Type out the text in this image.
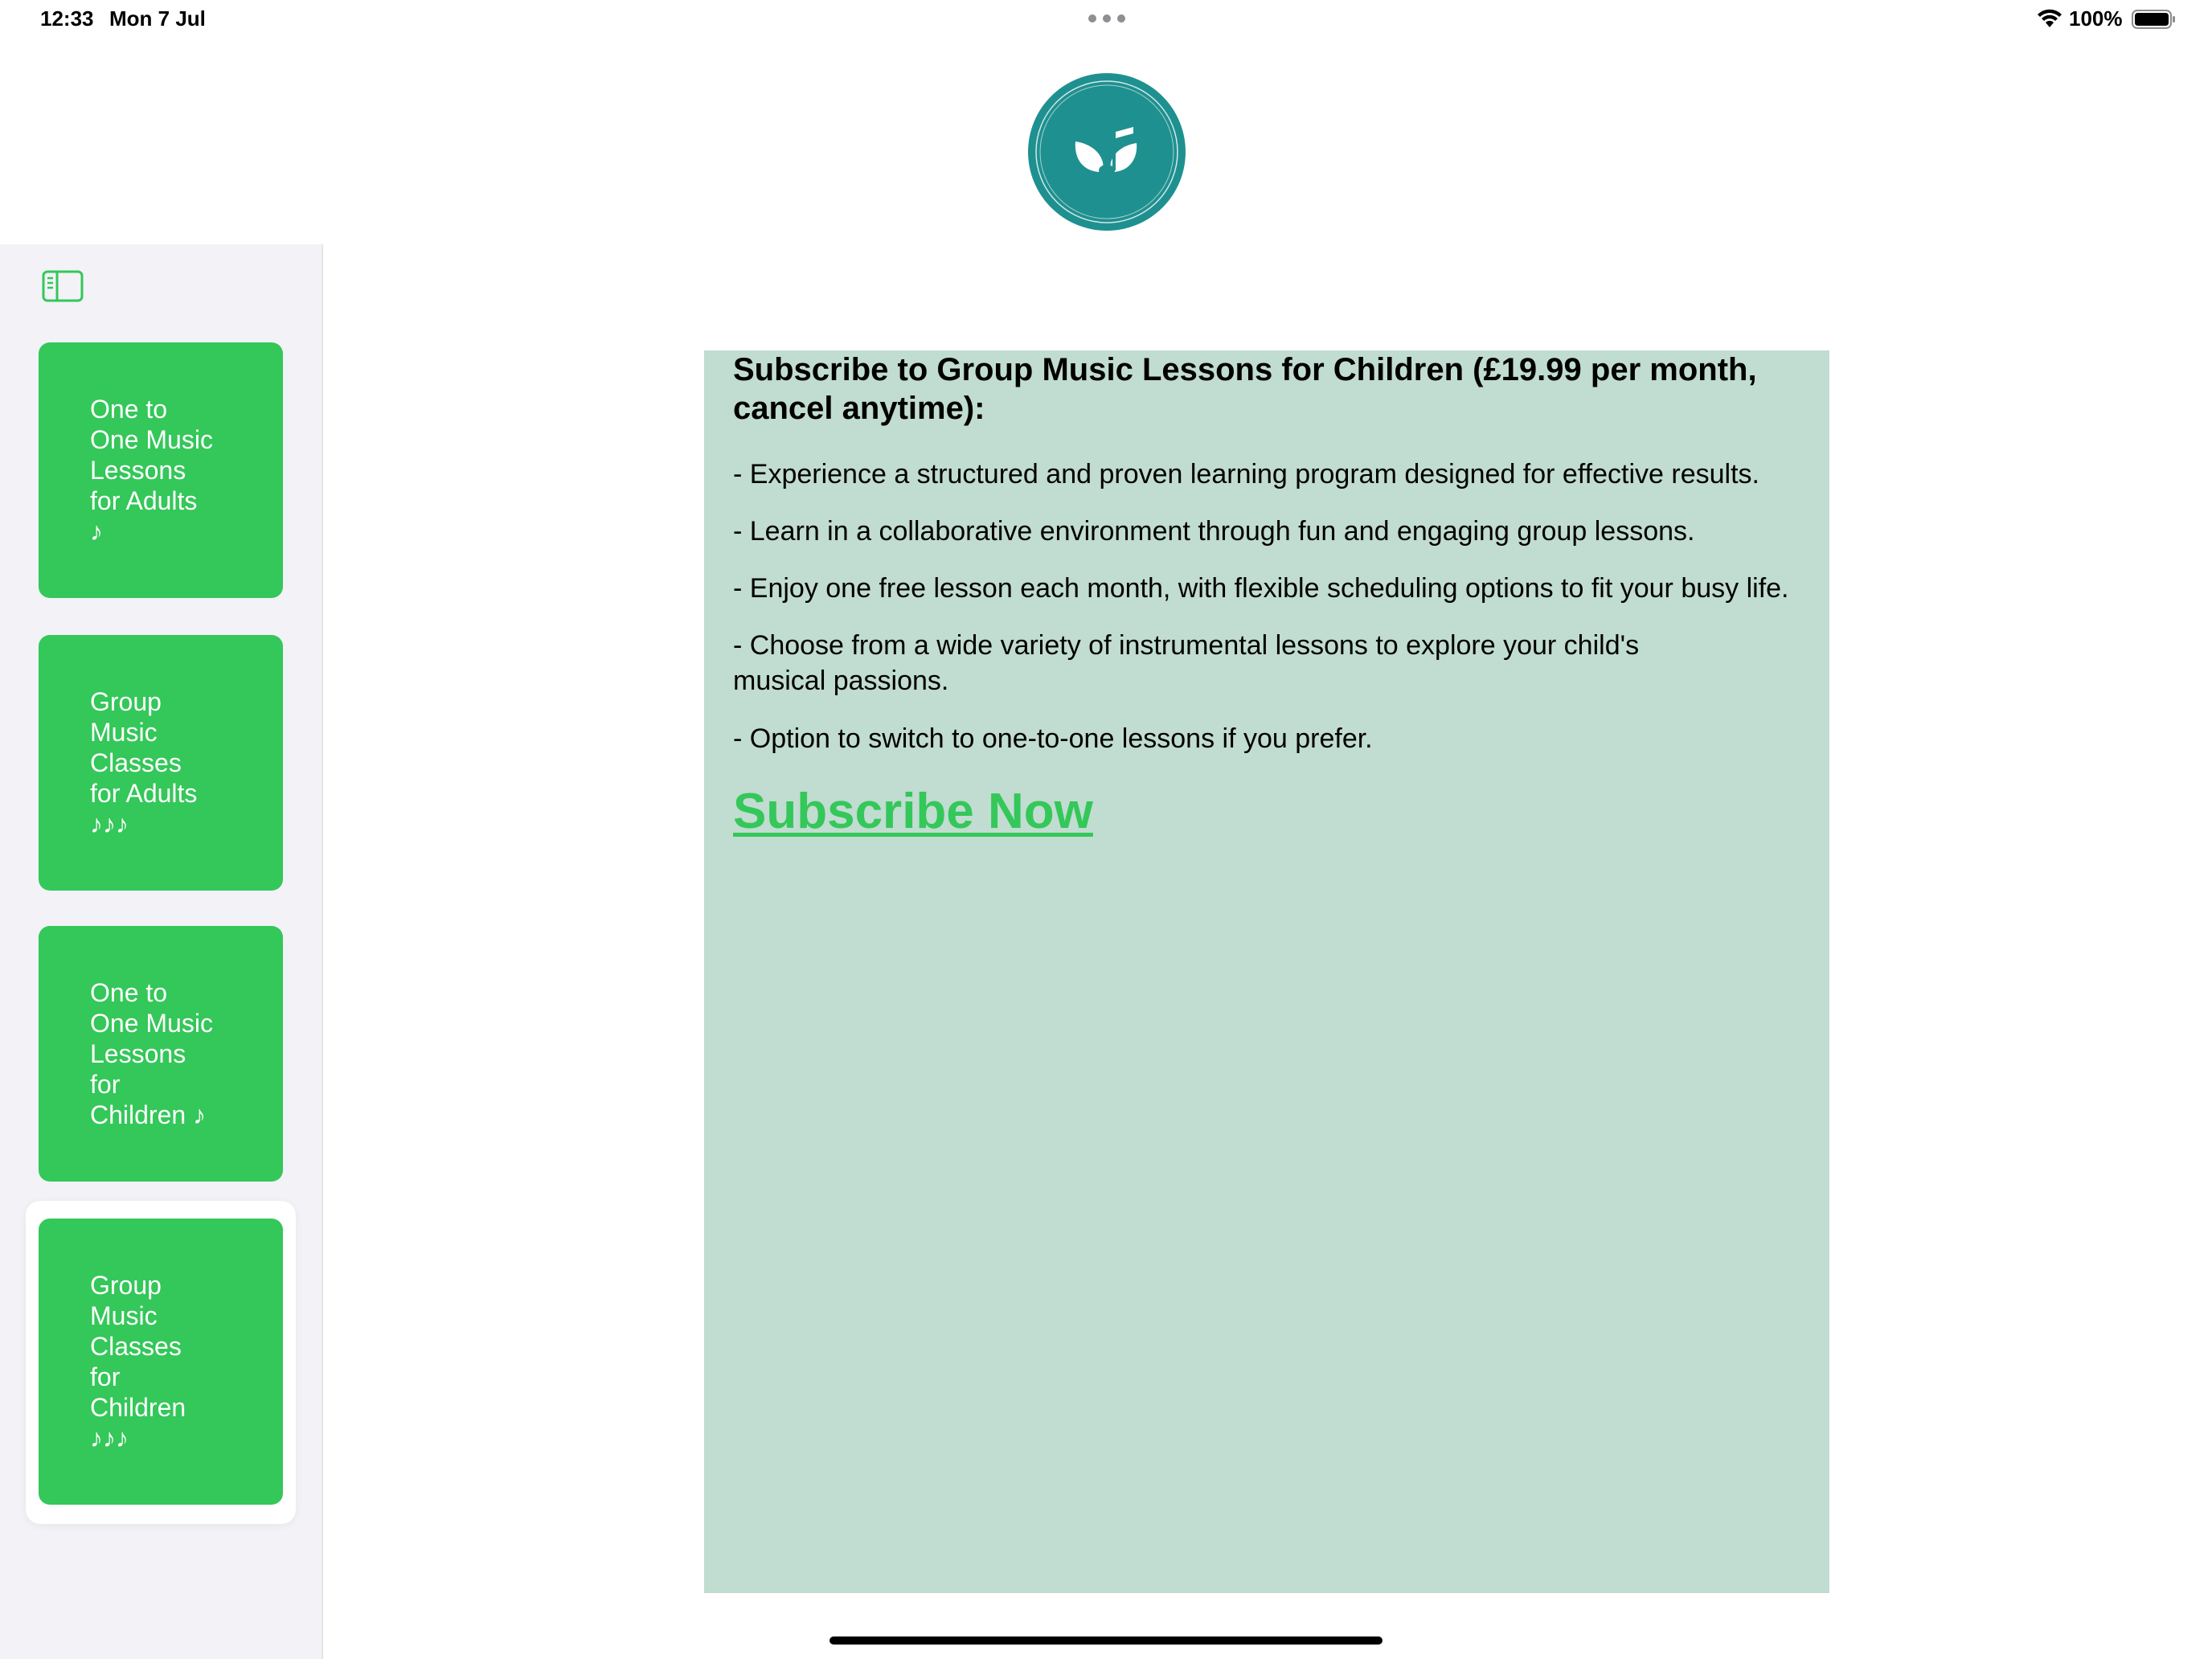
12:33 Mon 7 Jul	100%
One to
One Music
Lessons
for Adults
♪
Group
Music
Classes
for Adults
♪♪♪
One to
One Music
Lessons
for
Children ♪
Group
Music
Classes
for
Children
♪♪♪
Subscribe to Group Music Lessons for Children (£19.99 per month, cancel anytime):

- Experience a structured and proven learning program designed for effective results.

- Learn in a collaborative environment through fun and engaging group lessons.

- Enjoy one free lesson each month, with flexible scheduling options to fit your busy life.

- Choose from a wide variety of instrumental lessons to explore your child's musical passions.

- Option to switch to one-to-one lessons if you prefer.

Subscribe Now
